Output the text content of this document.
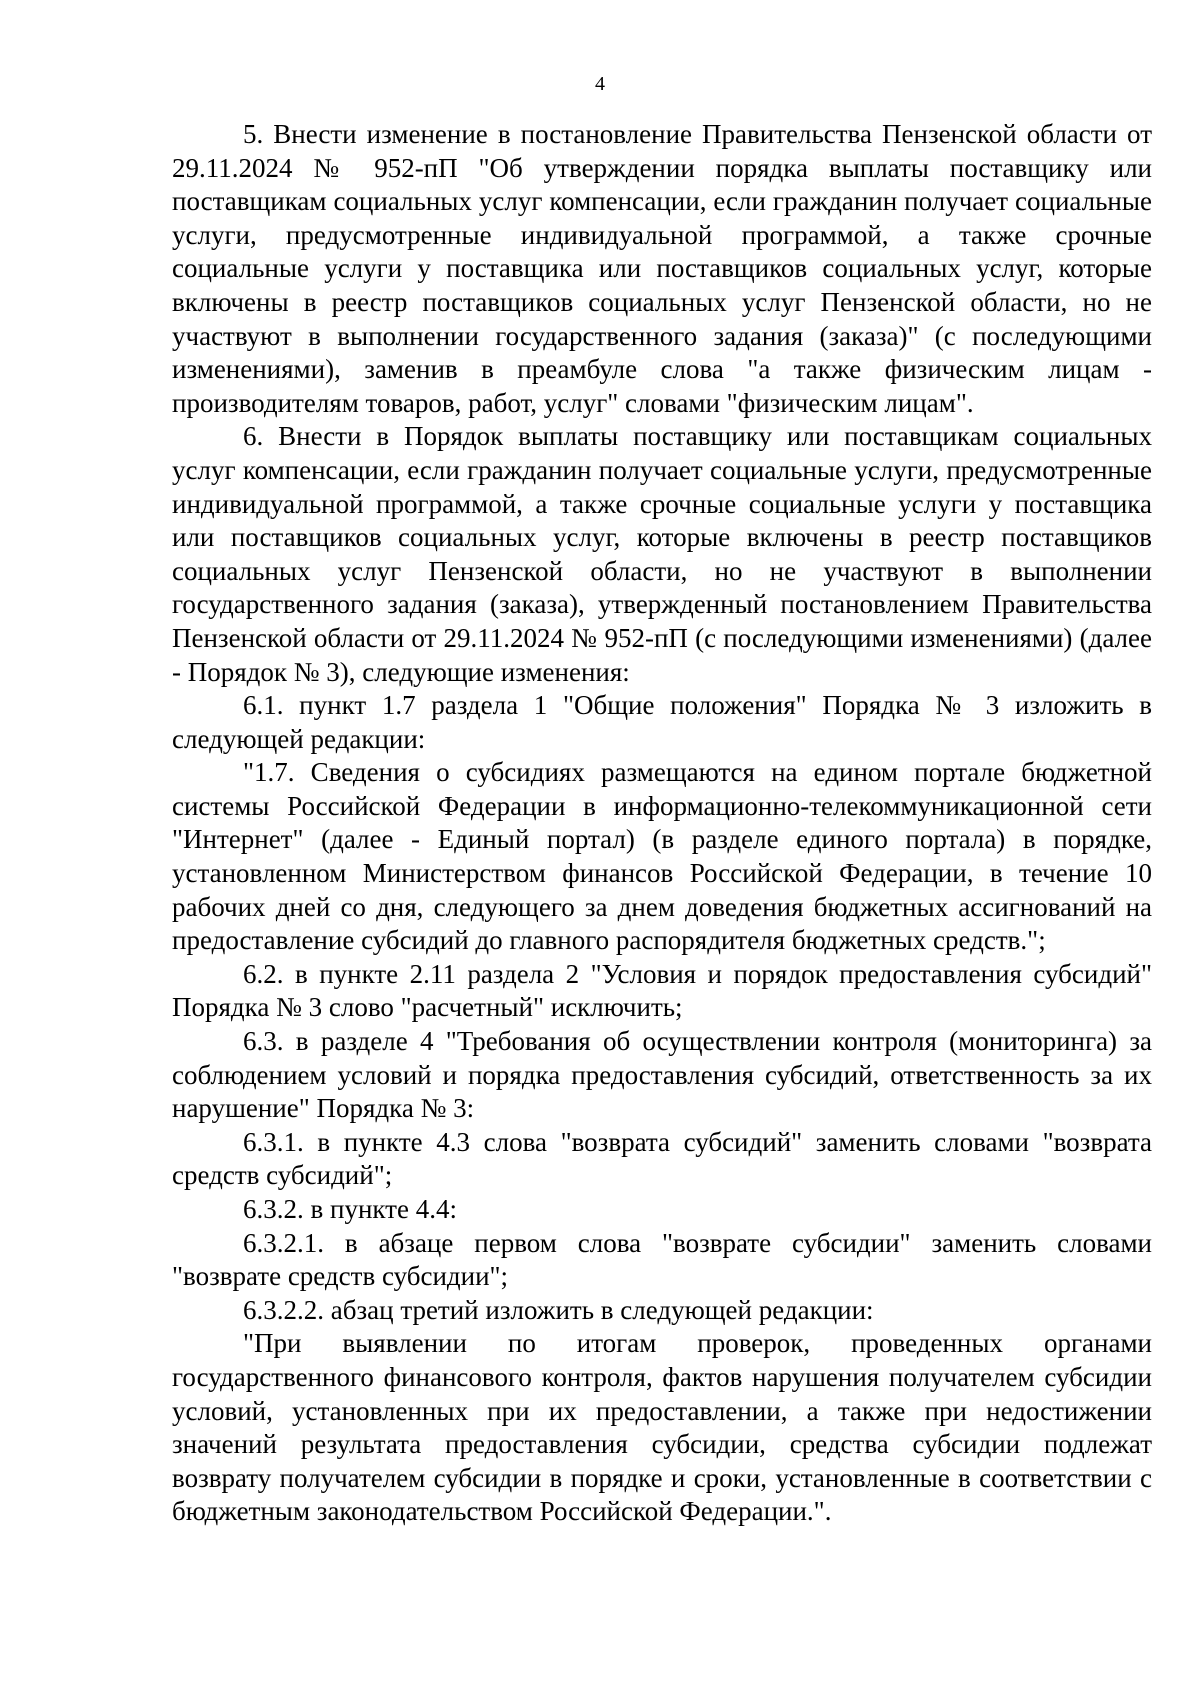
4

5. Внести изменение в постановление Правительства Пензенской области от 29.11.2024 № 952-пП "Об утверждении порядка выплаты поставщику или поставщикам социальных услуг компенсации, если гражданин получает социальные услуги, предусмотренные индивидуальной программой, а также срочные социальные услуги у поставщика или поставщиков социальных услуг, которые включены в реестр поставщиков социальных услуг Пензенской области, но не участвуют в выполнении государственного задания (заказа)" (с последующими изменениями), заменив в преамбуле слова "а также физическим лицам - производителям товаров, работ, услуг" словами "физическим лицам".

6. Внести в Порядок выплаты поставщику или поставщикам социальных услуг компенсации, если гражданин получает социальные услуги, предусмотренные индивидуальной программой, а также срочные социальные услуги у поставщика или поставщиков социальных услуг, которые включены в реестр поставщиков социальных услуг Пензенской области, но не участвуют в выполнении государственного задания (заказа), утвержденный постановлением Правительства Пензенской области от 29.11.2024 № 952-пП (с последующими изменениями) (далее - Порядок № 3), следующие изменения:

6.1. пункт 1.7 раздела 1 "Общие положения" Порядка № 3 изложить в следующей редакции:

"1.7. Сведения о субсидиях размещаются на едином портале бюджетной системы Российской Федерации в информационно-телекоммуникационной сети "Интернет" (далее - Единый портал) (в разделе единого портала) в порядке, установленном Министерством финансов Российской Федерации, в течение 10 рабочих дней со дня, следующего за днем доведения бюджетных ассигнований на предоставление субсидий до главного распорядителя бюджетных средств.";

6.2. в пункте 2.11 раздела 2 "Условия и порядок предоставления субсидий" Порядка № 3 слово "расчетный" исключить;

6.3. в разделе 4 "Требования об осуществлении контроля (мониторинга) за соблюдением условий и порядка предоставления субсидий, ответственность за их нарушение" Порядка № 3:

6.3.1. в пункте 4.3 слова "возврата субсидий" заменить словами "возврата средств субсидий";

6.3.2. в пункте 4.4:

6.3.2.1. в абзаце первом слова "возврате субсидии" заменить словами "возврате средств субсидии";

6.3.2.2. абзац третий изложить в следующей редакции:

"При выявлении по итогам проверок, проведенных органами государственного финансового контроля, фактов нарушения получателем субсидии условий, установленных при их предоставлении, а также при недостижении значений результата предоставления субсидии, средства субсидии подлежат возврату получателем субсидии в порядке и сроки, установленные в соответствии с бюджетным законодательством Российской Федерации.".
